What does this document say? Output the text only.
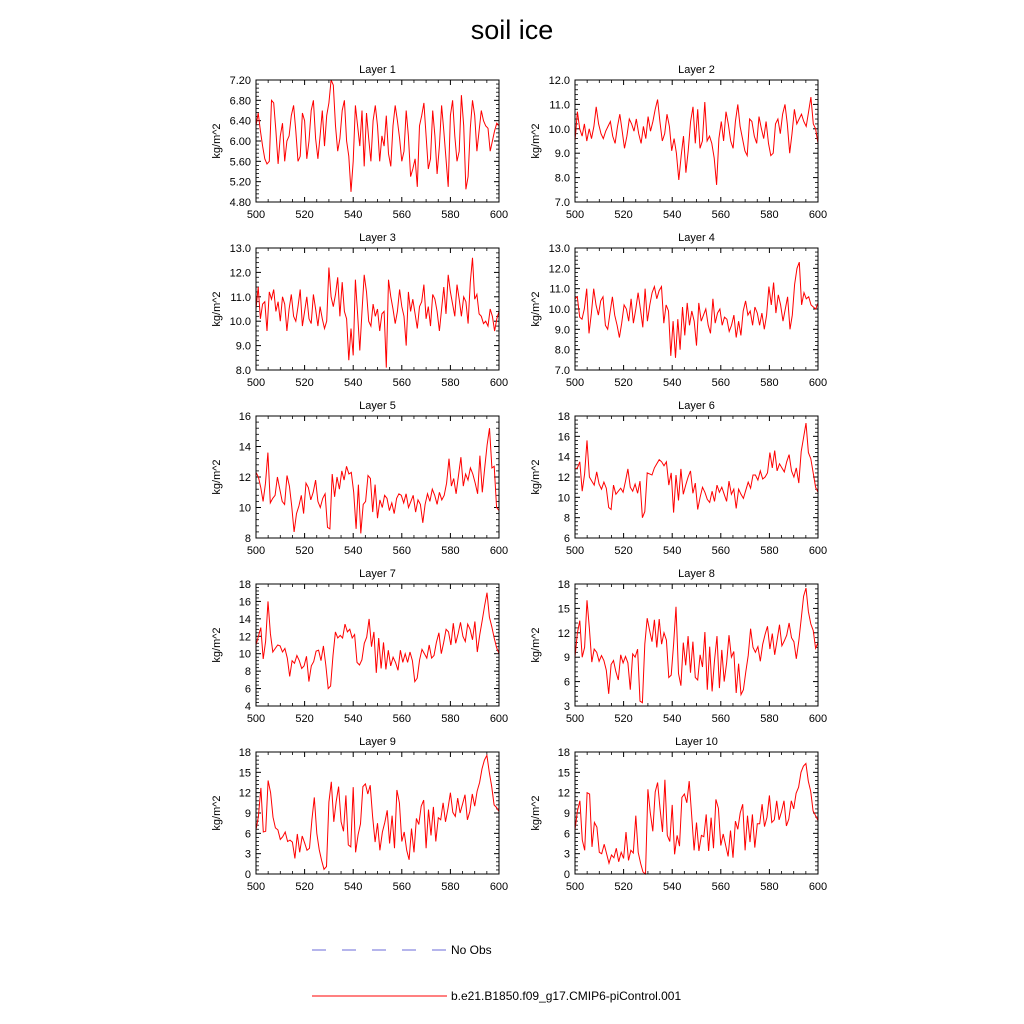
soil ice
Layer 1
4.80
5.20
5.60
6.00
6.40
6.80
7.20
500	520	540	560	580	600
kg/m^2
Layer 2
7.0
8.0
9.0
10.0
11.0
12.0
500	520	540	560	580	600
kg/m^2
Layer 3
8.0
9.0
10.0
11.0
12.0
13.0
500	520	540	560	580	600
kg/m^2
Layer 4
7.0
8.0
9.0
10.0
11.0
12.0
13.0
500	520	540	560	580	600
kg/m^2
Layer 5
8
10
12
14
16
500	520	540	560	580	600
kg/m^2
Layer 6
6
8
10
12
14
16
18
500	520	540	560	580	600
kg/m^2
Layer 7
4
6
8
10
12
14
16
18
500	520	540	560	580	600
kg/m^2
Layer 8
3
6
9
12
15
18
500	520	540	560	580	600
kg/m^2
Layer 9
0
3
6
9
12
15
18
500	520	540	560	580	600
kg/m^2
Layer 10
0
3
6
9
12
15
18
500	520	540	560	580	600
kg/m^2
No Obs
b.e21.B1850.f09_g17.CMIP6-piControl.001
